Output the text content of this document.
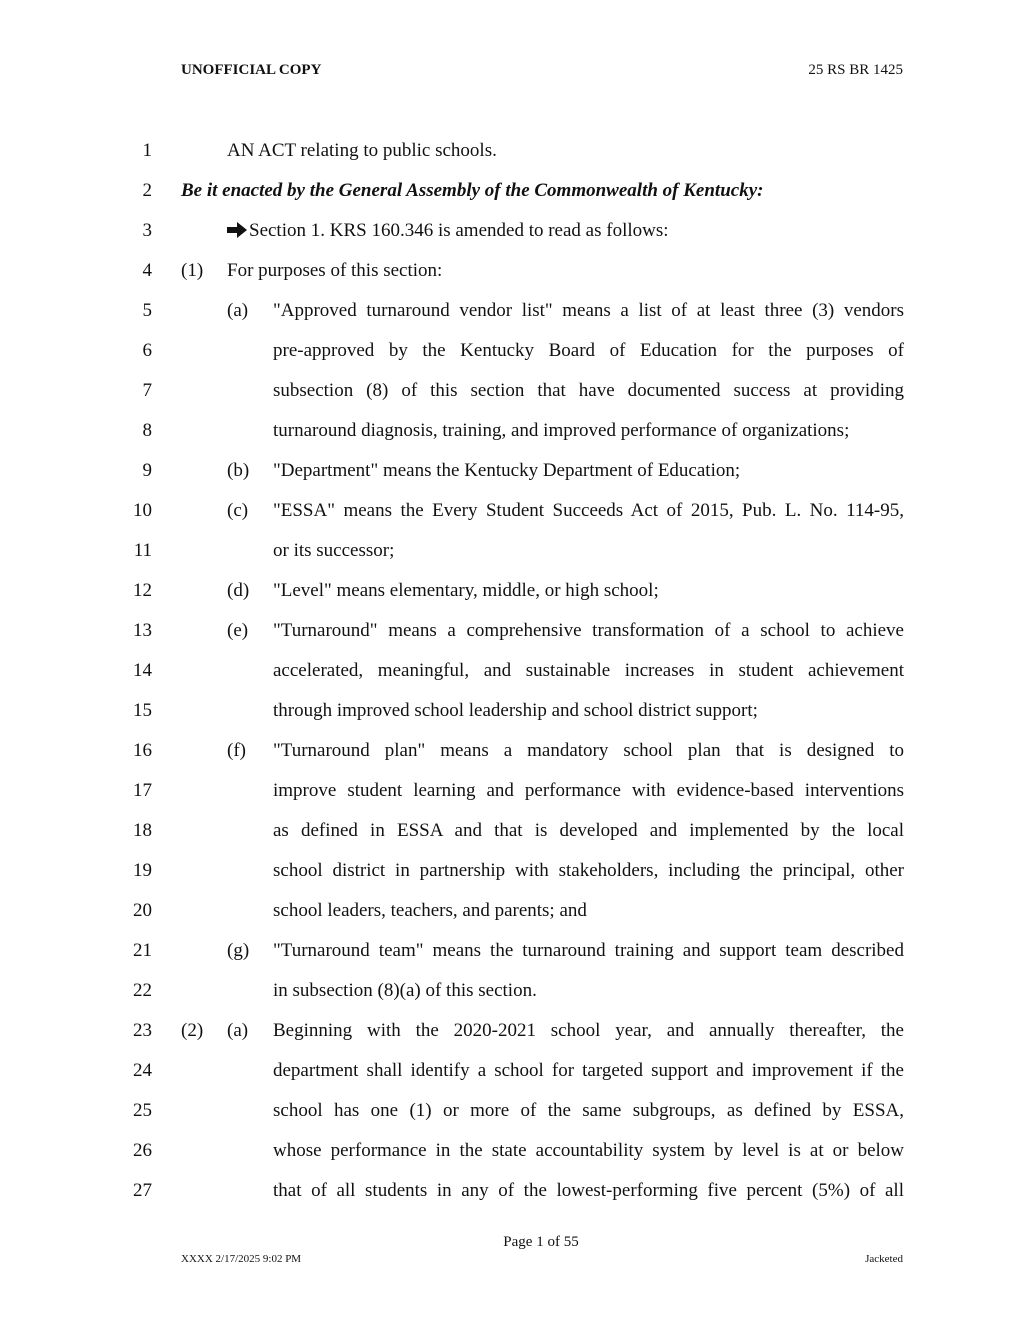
UNOFFICIAL COPY	25 RS BR 1425
1	AN ACT relating to public schools.
2 Be it enacted by the General Assembly of the Commonwealth of Kentucky:
3	Section 1. KRS 160.346 is amended to read as follows:
4 (1) For purposes of this section:
5	(a) "Approved turnaround vendor list" means a list of at least three (3) vendors
6	pre-approved by the Kentucky Board of Education for the purposes of
7	subsection (8) of this section that have documented success at providing
8	turnaround diagnosis, training, and improved performance of organizations;
9	(b) "Department" means the Kentucky Department of Education;
10	(c) "ESSA" means the Every Student Succeeds Act of 2015, Pub. L. No. 114-95,
11	or its successor;
12	(d) "Level" means elementary, middle, or high school;
13	(e) "Turnaround" means a comprehensive transformation of a school to achieve
14	accelerated, meaningful, and sustainable increases in student achievement
15	through improved school leadership and school district support;
16	(f) "Turnaround plan" means a mandatory school plan that is designed to
17	improve student learning and performance with evidence-based interventions
18	as defined in ESSA and that is developed and implemented by the local
19	school district in partnership with stakeholders, including the principal, other
20	school leaders, teachers, and parents; and
21	(g) "Turnaround team" means the turnaround training and support team described
22	in subsection (8)(a) of this section.
23 (2) (a) Beginning with the 2020-2021 school year, and annually thereafter, the
24	department shall identify a school for targeted support and improvement if the
25	school has one (1) or more of the same subgroups, as defined by ESSA,
26	whose performance in the state accountability system by level is at or below
27	that of all students in any of the lowest-performing five percent (5%) of all
Page 1 of 55
XXXX 2/17/2025 9:02 PM	Jacketed
